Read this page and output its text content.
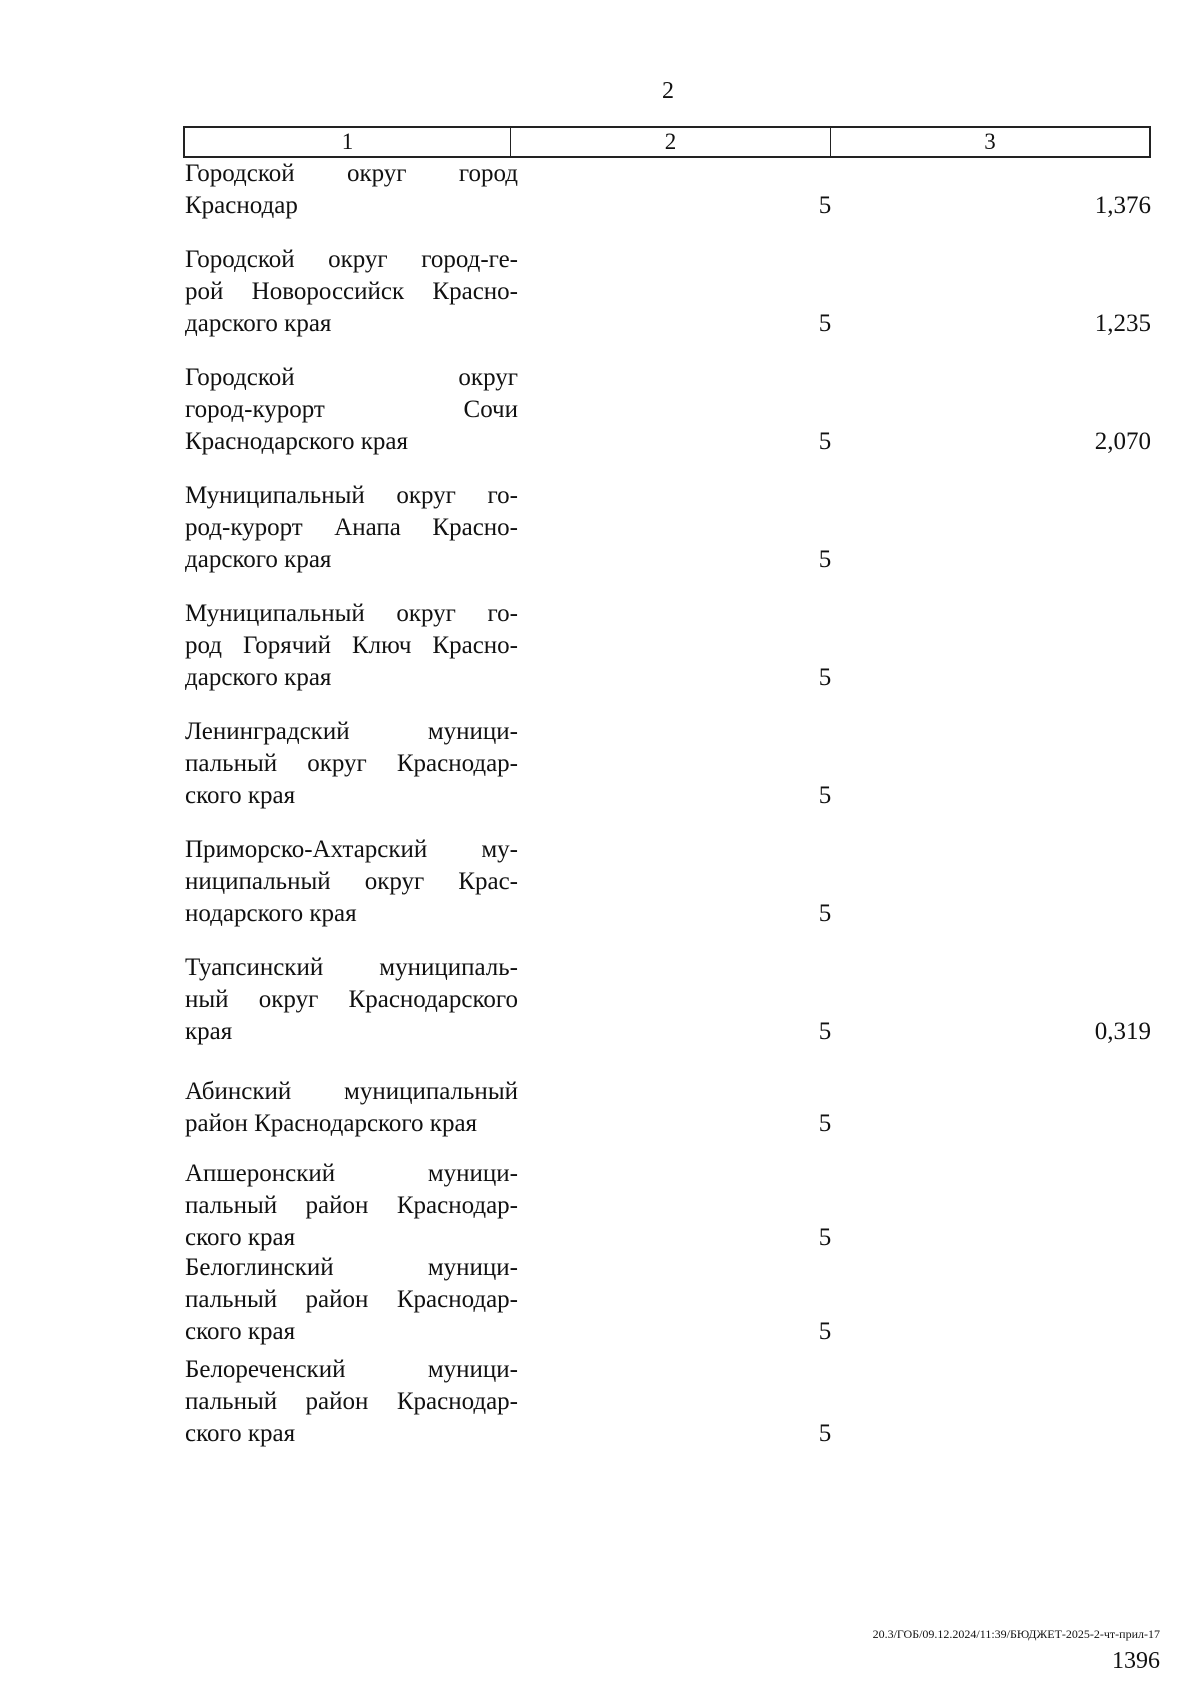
2
1	2	3
Городской округ город
Краснодар	5	1,376
Городской округ город-ге-
рой Новороссийск Красно-
дарского края	5	1,235
Городской округ
город-курорт Сочи
Краснодарского края	5	2,070
Муниципальный округ го-
род-курорт Анапа Красно-
дарского края	5
Муниципальный округ го-
род Горячий Ключ Красно-
дарского края	5
Ленинградский муници-
пальный округ Краснодар-
ского края	5
Приморско-Ахтарский му-
ниципальный округ Крас-
нодарского края	5
Туапсинский муниципаль-
ный округ Краснодарского
края	5	0,319
Абинский муниципальный
район Краснодарского края	5
Апшеронский муници-
пальный район Краснодар-
ского края	5
Белоглинский муници-
пальный район Краснодар-
ского края	5
Белореченский муници-
пальный район Краснодар-
ского края	5
20.3/ГОБ/09.12.2024/11:39/БЮДЖЕТ-2025-2-чт-прил-17
1396
